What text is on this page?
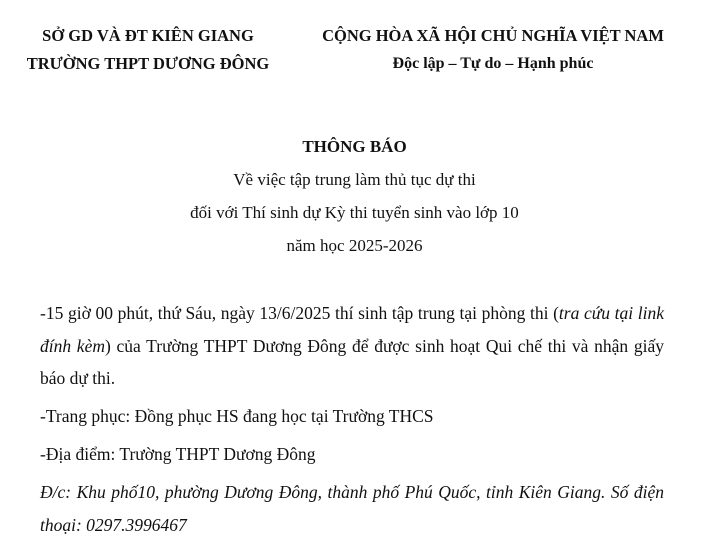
SỞ GD VÀ ĐT KIÊN GIANG
TRƯỜNG THPT DƯƠNG ĐÔNG
CỘNG HÒA XÃ HỘI CHỦ NGHĨA VIỆT NAM
Độc lập – Tự do – Hạnh phúc
THÔNG BÁO
Về việc tập trung làm thủ tục dự thi
đối với Thí sinh dự Kỳ thi tuyển sinh vào lớp 10
năm học 2025-2026

-15 giờ 00 phút, thứ Sáu, ngày 13/6/2025 thí sinh tập trung tại phòng thi (tra cứu tại link đính kèm) của Trường THPT Dương Đông để được sinh hoạt Qui chế thi và nhận giấy báo dự thi.

-Trang phục: Đồng phục HS đang học tại Trường THCS

-Địa điểm: Trường THPT Dương Đông

Đ/c: Khu phố10, phường Dương Đông, thành phố Phú Quốc, tỉnh Kiên Giang. Số điện thoại: 0297.3996467
